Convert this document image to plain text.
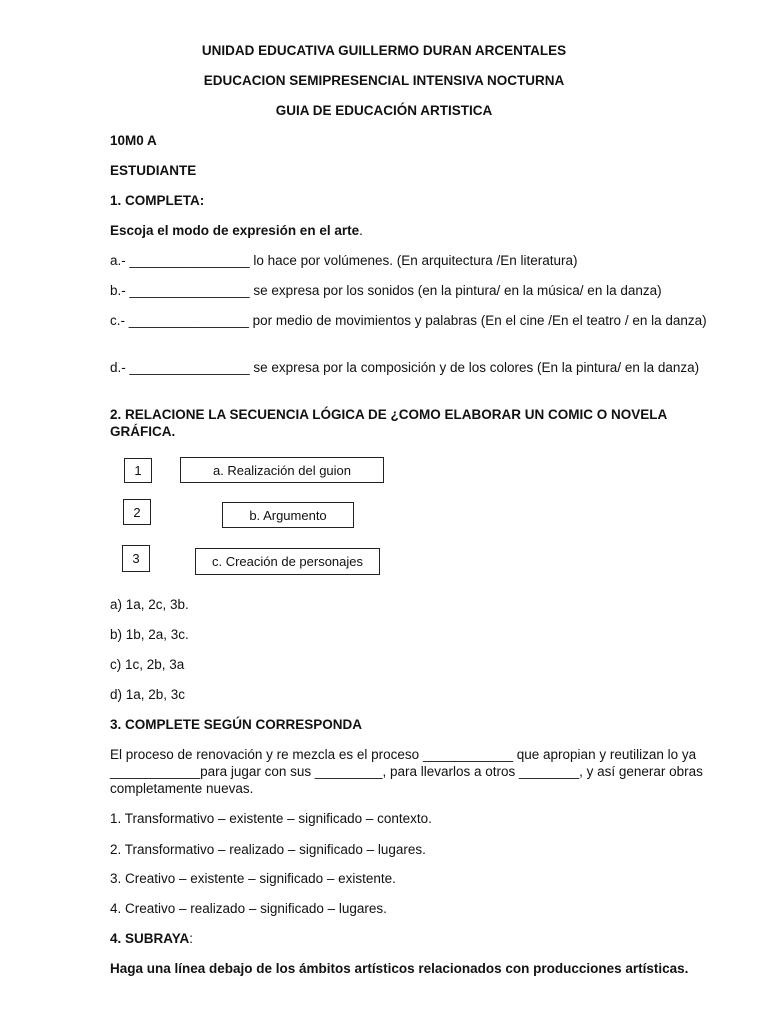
UNIDAD EDUCATIVA GUILLERMO DURAN ARCENTALES
EDUCACION SEMIPRESENCIAL INTENSIVA NOCTURNA
GUIA DE EDUCACIÓN ARTISTICA
10M0 A
ESTUDIANTE
1. COMPLETA:
Escoja el modo de expresión en el arte.
a.- ________________ lo hace por volúmenes. (En arquitectura /En literatura)
b.- ________________ se expresa por los sonidos (en la pintura/ en la música/ en la danza)
c.- ________________ por medio de movimientos y palabras (En el cine /En el teatro / en la danza)
d.- ________________ se expresa por la composición y de los colores (En la pintura/ en la danza)
2. RELACIONE LA SECUENCIA LÓGICA DE ¿COMO ELABORAR UN COMIC O NOVELA GRÁFICA.
1	a. Realización del guion
2	b. Argumento
3	c. Creación de personajes
a) 1a, 2c, 3b.
b) 1b, 2a, 3c.
c) 1c, 2b, 3a
d) 1a, 2b, 3c
3. COMPLETE SEGÚN CORRESPONDA
El proceso de renovación y re mezcla es el proceso ____________ que apropian y reutilizan lo ya ____________para jugar con sus _________, para llevarlos a otros ________, y así generar obras completamente nuevas.
1. Transformativo – existente – significado – contexto.
2. Transformativo – realizado – significado – lugares.
3. Creativo – existente – significado – existente.
4. Creativo – realizado – significado – lugares.
4. SUBRAYA:
Haga una línea debajo de los ámbitos artísticos relacionados con producciones artísticas.
